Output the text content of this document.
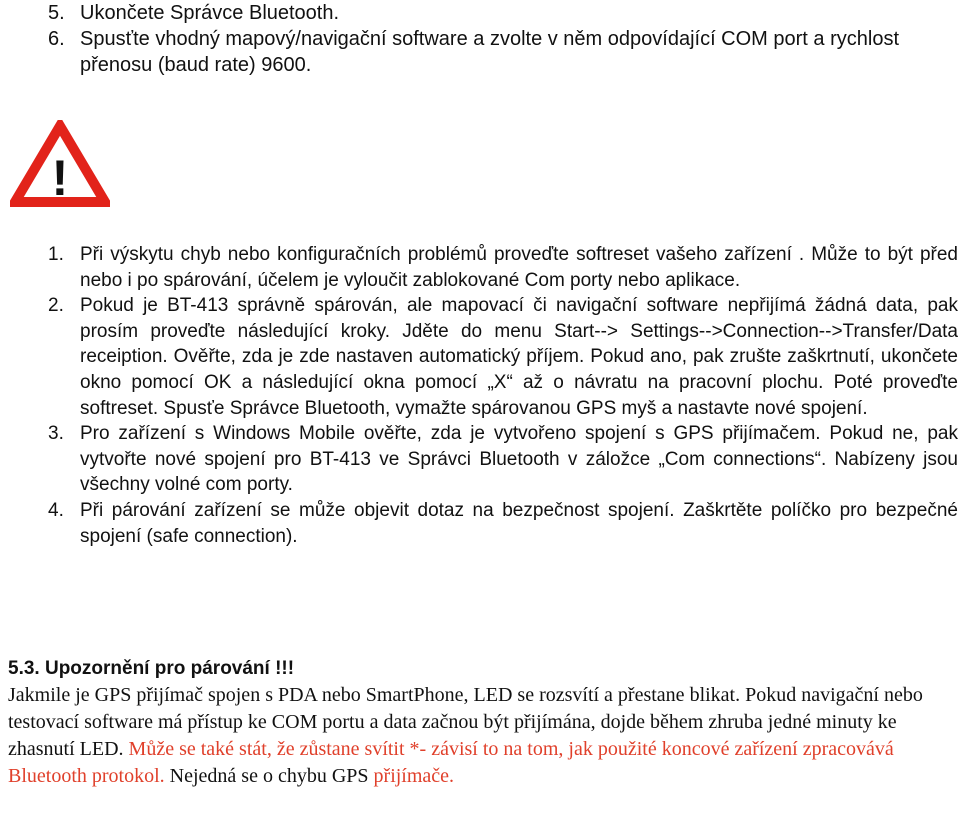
5. Ukončete Správce Bluetooth.
6. Spusťte vhodný mapový/navigační software a zvolte v něm odpovídající COM port a rychlost přenosu (baud rate) 9600.
!
1. Při výskytu chyb nebo konfiguračních problémů proveďte softreset vašeho zařízení . Může to být před nebo i po spárování, účelem je vyloučit zablokované Com porty nebo aplikace.
2. Pokud je BT-413 správně spárován, ale mapovací či navigační software nepřijímá žádná data, pak prosím proveďte následující kroky. Jděte do menu Start--> Settings-->Connection-->Transfer/Data receiption. Ověřte, zda je zde nastaven automatický příjem. Pokud ano, pak zrušte zaškrtnutí, ukončete okno pomocí OK a následující okna pomocí „X“ až o návratu na pracovní plochu. Poté proveďte softreset. Spusťe Správce Bluetooth, vymažte spárovanou GPS myš a nastavte nové spojení.
3. Pro zařízení s Windows Mobile ověřte, zda je vytvořeno spojení s GPS přijímačem. Pokud ne, pak vytvořte nové spojení pro BT-413 ve Správci Bluetooth v záložce „Com connections“. Nabízeny jsou všechny volné com porty.
4. Při párování zařízení se může objevit dotaz na bezpečnost spojení. Zaškrtěte políčko pro bezpečné spojení (safe connection).
5.3. Upozornění pro párování !!!
Jakmile je GPS přijímač spojen s PDA nebo SmartPhone, LED se rozsvítí a přestane blikat. Pokud navigační nebo testovací software má přístup ke COM portu a data začnou být přijímána, dojde během zhruba jedné minuty ke zhasnutí LED. Může se také stát, že zůstane svítit *- závisí to na tom, jak použité koncové zařízení zpracovává Bluetooth protokol. Nejedná se o chybu GPS přijímače.
